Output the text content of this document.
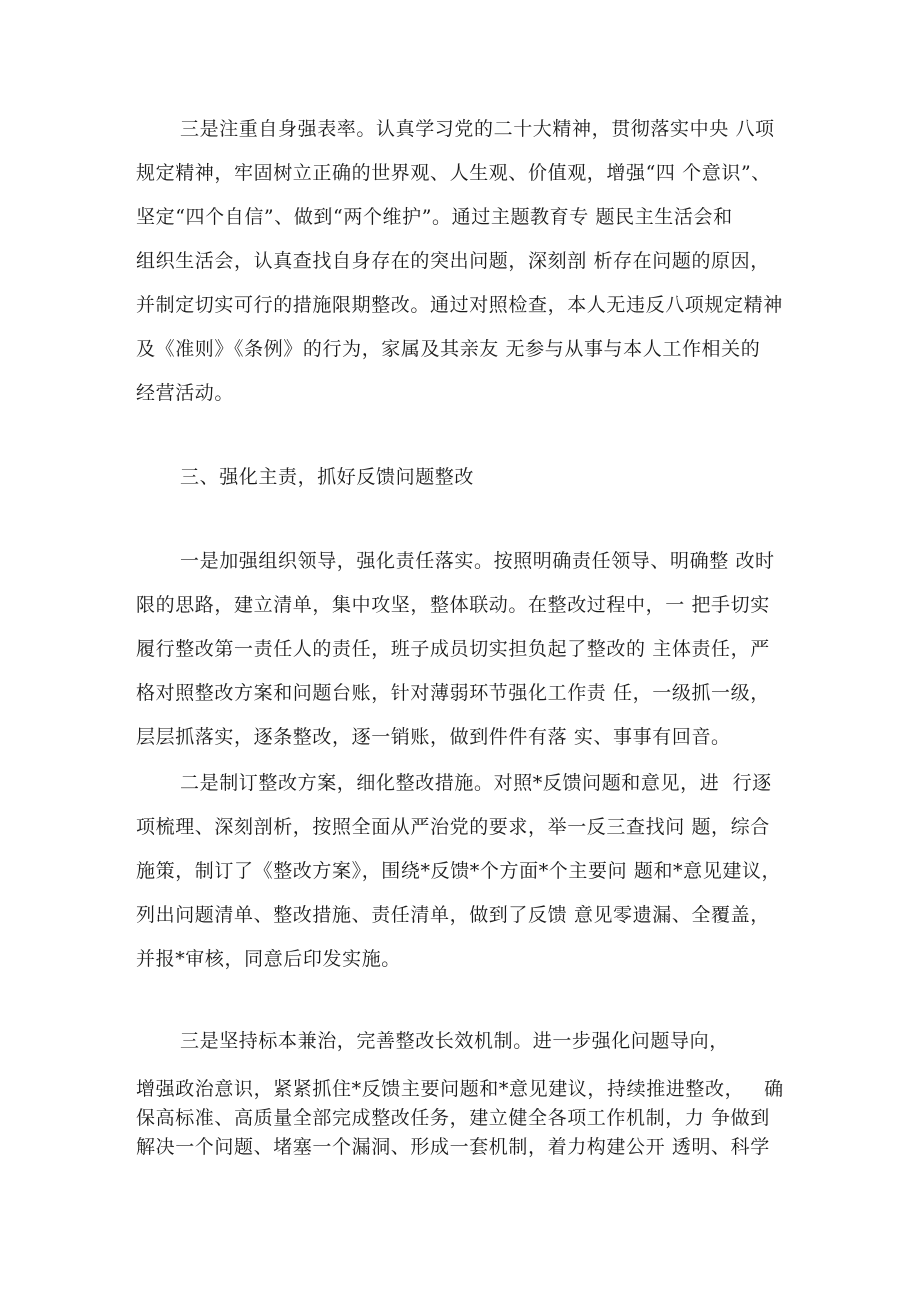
三是注重自身强表率。认真学习党的二十大精神，贯彻落实中央 八项
规定精神，牢固树立正确的世界观、人生观、价值观，增强“四 个意识”、
坚定“四个自信”、做到“两个维护”。通过主题教育专 题民主生活会和
组织生活会，认真查找自身存在的突出问题，深刻剖 析存在问题的原因，
并制定切实可行的措施限期整改。通过对照检查，本人无违反八项规定精神
及《准则》《条例》的行为，家属及其亲友 无参与从事与本人工作相关的
经营活动。
三、强化主责，抓好反馈问题整改
一是加强组织领导，强化责任落实。按照明确责任领导、明确整 改时
限的思路，建立清单，集中攻坚，整体联动。在整改过程中，一 把手切实
履行整改第一责任人的责任，班子成员切实担负起了整改的 主体责任，严
格对照整改方案和问题台账，针对薄弱环节强化工作责 任，一级抓一级，
层层抓落实，逐条整改，逐一销账，做到件件有落 实、事事有回音。
二是制订整改方案，细化整改措施。对照*反馈问题和意见，进  行逐
项梳理、深刻剖析，按照全面从严治党的要求，举一反三查找问 题，综合
施策，制订了《整改方案》，围绕*反馈*个方面*个主要问 题和*意见建议，
列出问题清单、整改措施、责任清单，做到了反馈 意见零遗漏、全覆盖，
并报*审核，同意后印发实施。
三是坚持标本兼治，完善整改长效机制。进一步强化问题导向，
增强政治意识，紧紧抓住*反馈主要问题和*意见建议，持续推进整改，   确
保高标准、高质量全部完成整改任务，建立健全各项工作机制，力 争做到
解决一个问题、堵塞一个漏洞、形成一套机制，着力构建公开 透明、科学
